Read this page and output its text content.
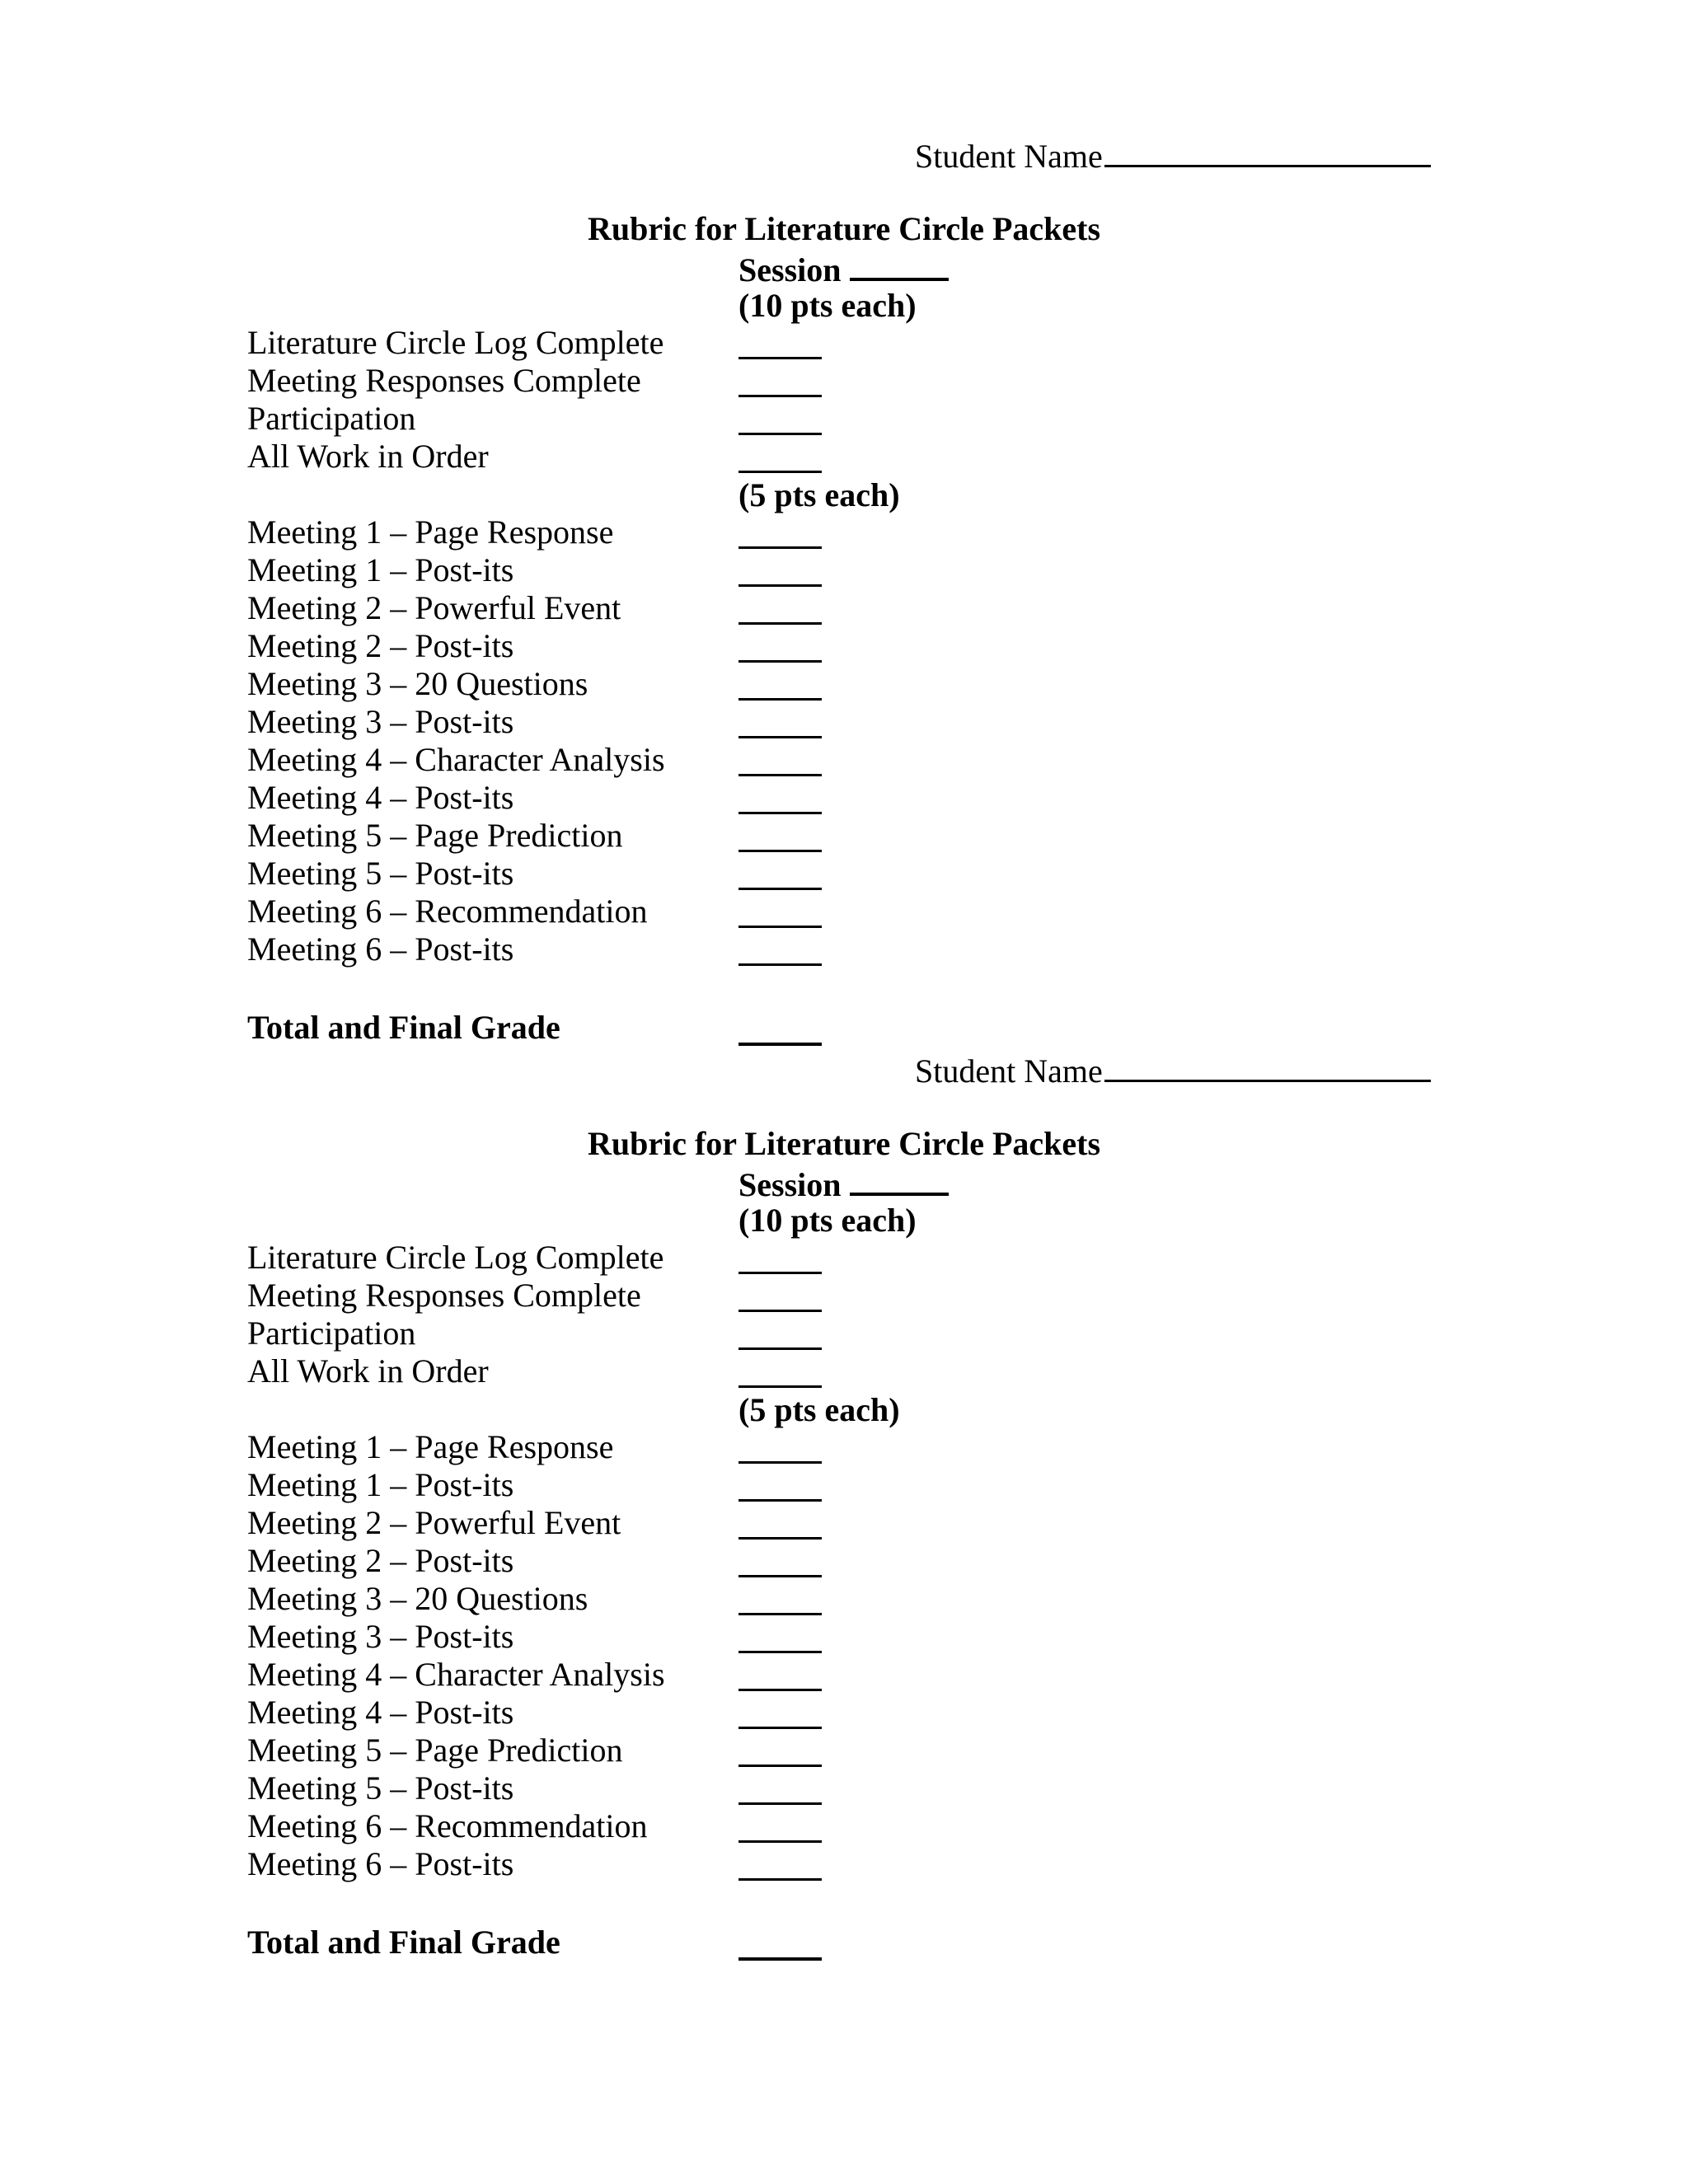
Student Name
Rubric for Literature Circle Packets
Session
(10 pts each)
Literature Circle Log Complete
Meeting Responses Complete
Participation
All Work in Order
(5 pts each)
Meeting 1 – Page Response
Meeting 1 – Post-its
Meeting 2 – Powerful Event
Meeting 2 – Post-its
Meeting 3 – 20 Questions
Meeting 3 – Post-its
Meeting 4 – Character Analysis
Meeting 4 – Post-its
Meeting 5 – Page Prediction
Meeting 5 – Post-its
Meeting 6 – Recommendation
Meeting 6 – Post-its
Total and Final Grade
Student Name
Rubric for Literature Circle Packets
Session
(10 pts each)
Literature Circle Log Complete
Meeting Responses Complete
Participation
All Work in Order
(5 pts each)
Meeting 1 – Page Response
Meeting 1 – Post-its
Meeting 2 – Powerful Event
Meeting 2 – Post-its
Meeting 3 – 20 Questions
Meeting 3 – Post-its
Meeting 4 – Character Analysis
Meeting 4 – Post-its
Meeting 5 – Page Prediction
Meeting 5 – Post-its
Meeting 6 – Recommendation
Meeting 6 – Post-its
Total and Final Grade
